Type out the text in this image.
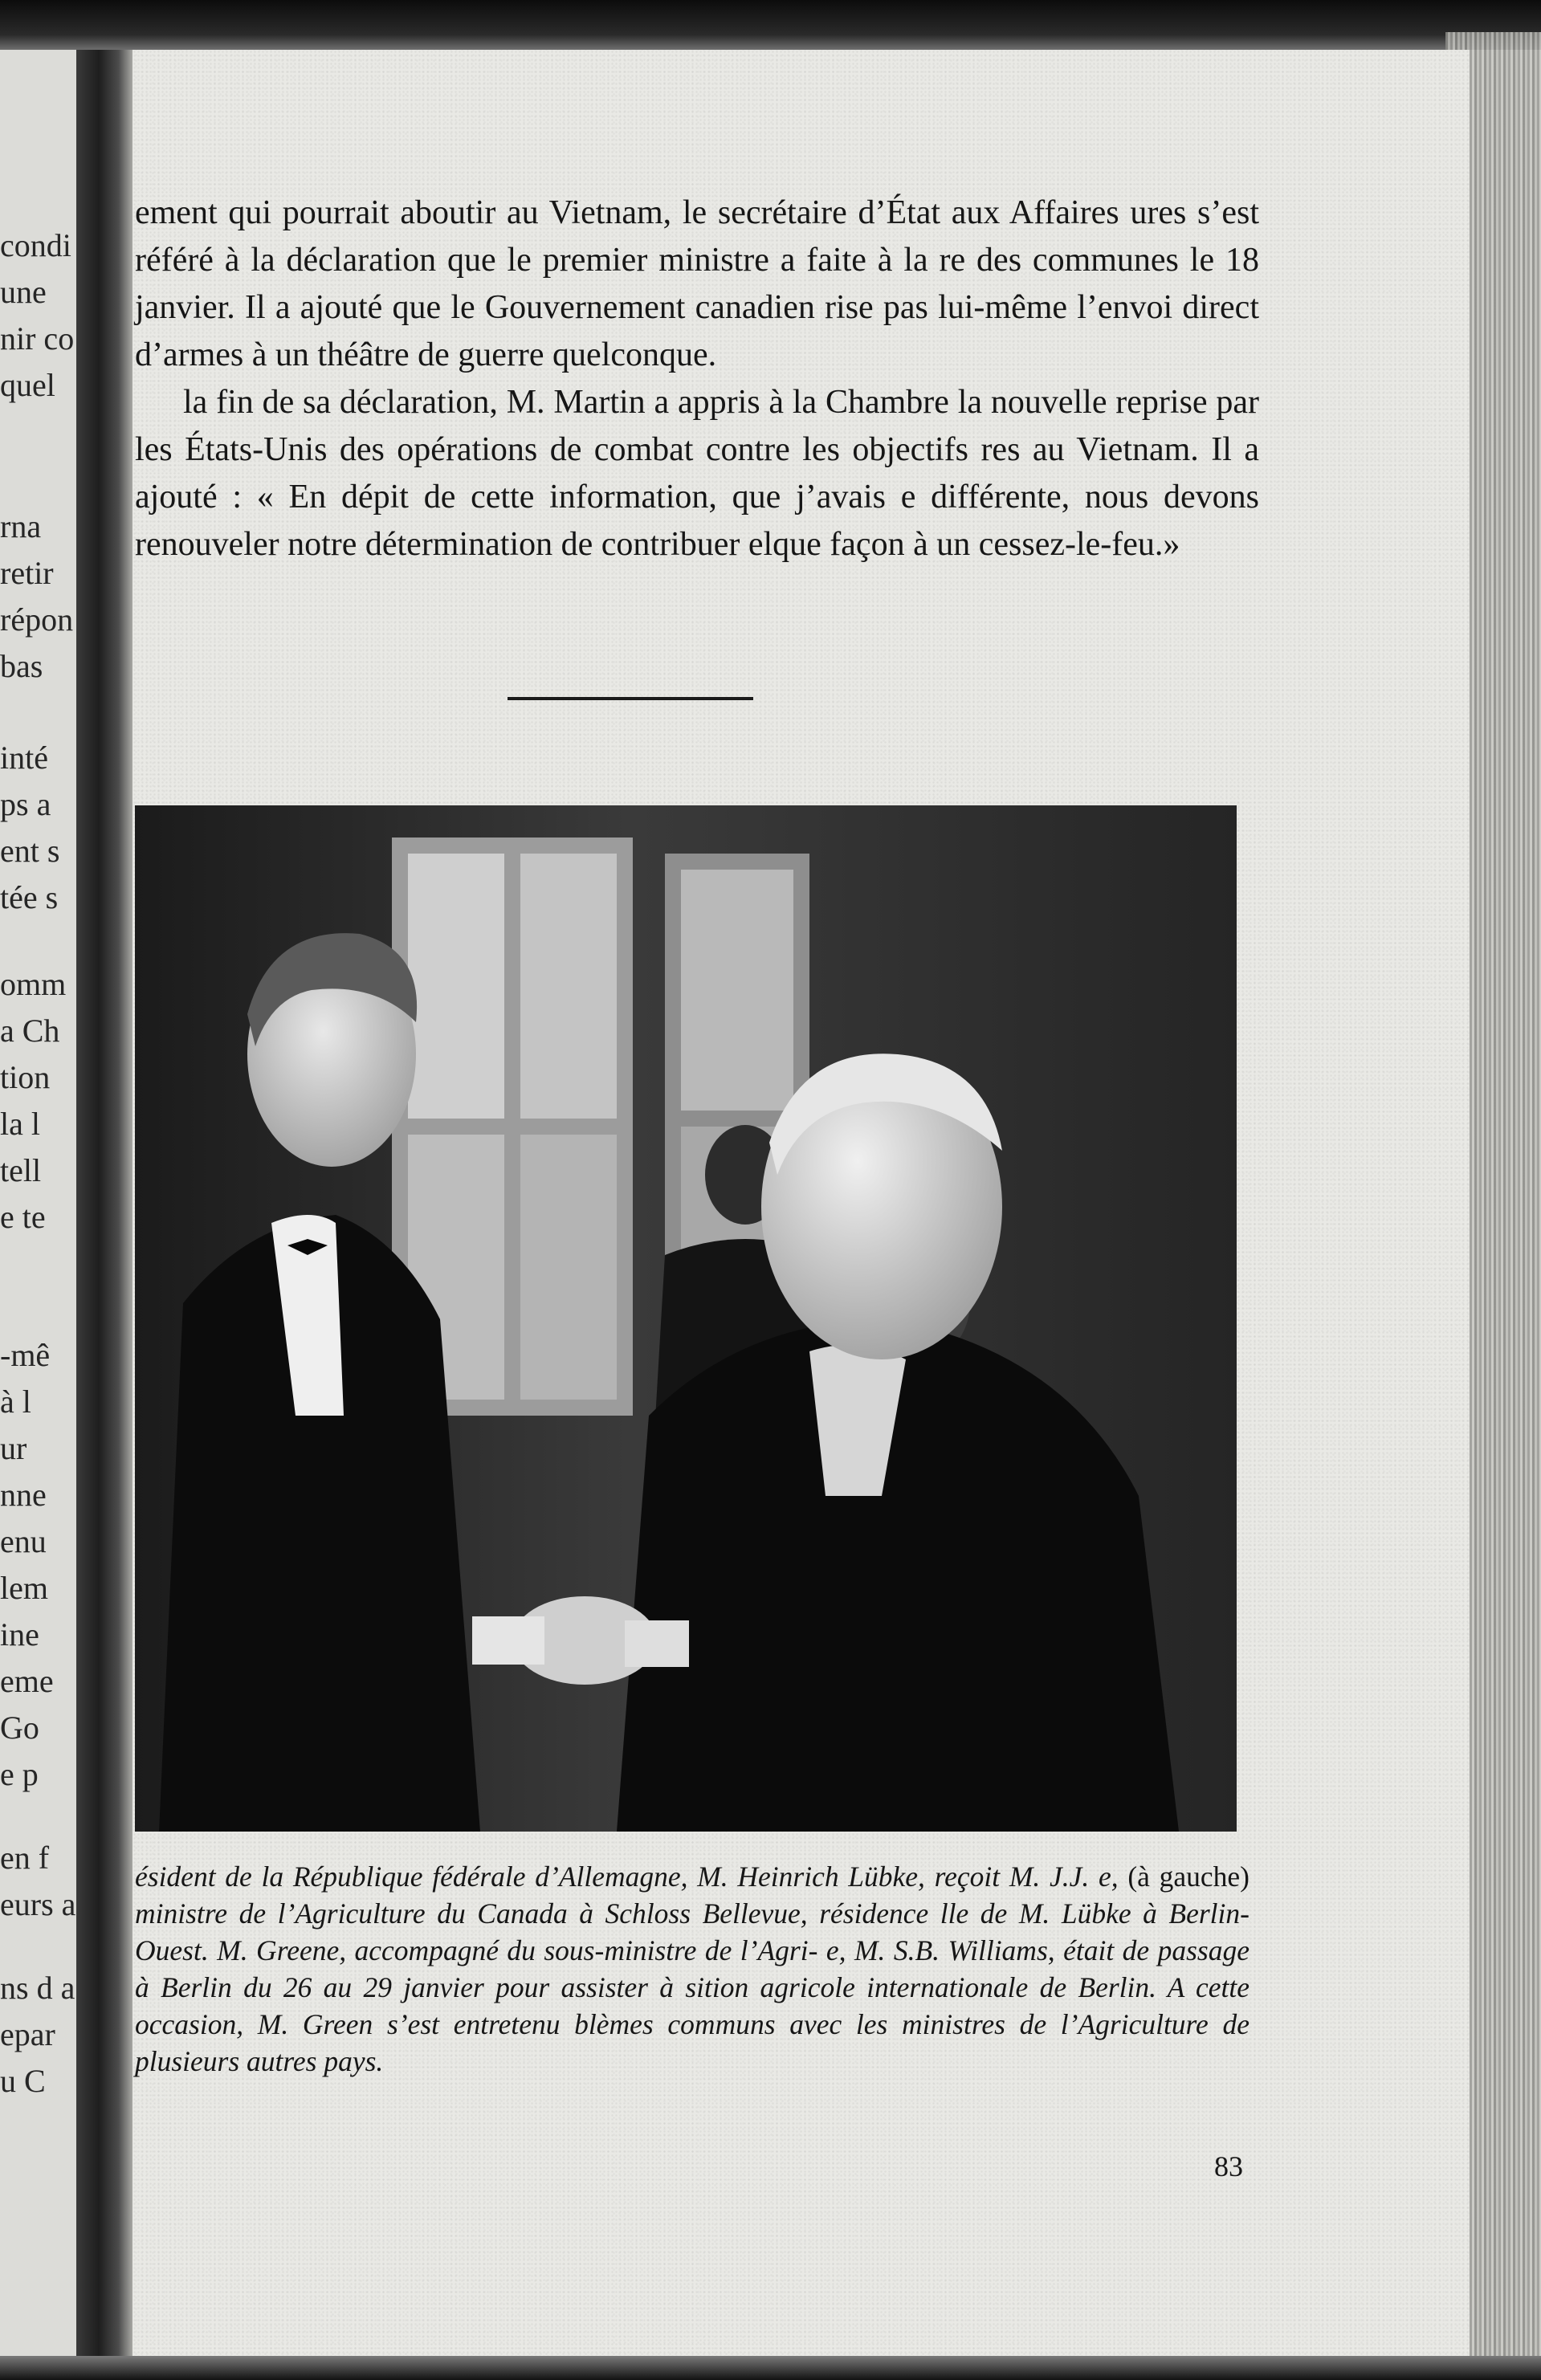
condi
une
nir co
quel
rna
retir
répon
bas
inté
ps a
ent s
tée s
omm
a Ch
tion
la l
tell
e te
-mê
à l
ur
nne
enu
lem
ine
eme
Go
e p
en f
eurs a
ns d a
epar
u C

ement qui pourrait aboutir au Vietnam, le secrétaire d’État aux Affaires ures s’est référé à la déclaration que le premier ministre a faite à la re des communes le 18 janvier. Il a ajouté que le Gouvernement canadien rise pas lui-même l’envoi direct d’armes à un théâtre de guerre quelconque.

la fin de sa déclaration, M. Martin a appris à la Chambre la nouvelle reprise par les États-Unis des opérations de combat contre les objectifs res au Vietnam. Il a ajouté : « En dépit de cette information, que j’avais e différente, nous devons renouveler notre détermination de contribuer elque façon à un cessez-le-feu.»

ésident de la République fédérale d’Allemagne, M. Heinrich Lübke, reçoit M. J.J. e, (à gauche) ministre de l’Agriculture du Canada à Schloss Bellevue, résidence lle de M. Lübke à Berlin-Ouest. M. Greene, accompagné du sous-ministre de l’Agri- e, M. S.B. Williams, était de passage à Berlin du 26 au 29 janvier pour assister à sition agricole internationale de Berlin. A cette occasion, M. Green s’est entretenu blèmes communs avec les ministres de l’Agriculture de plusieurs autres pays.
83
